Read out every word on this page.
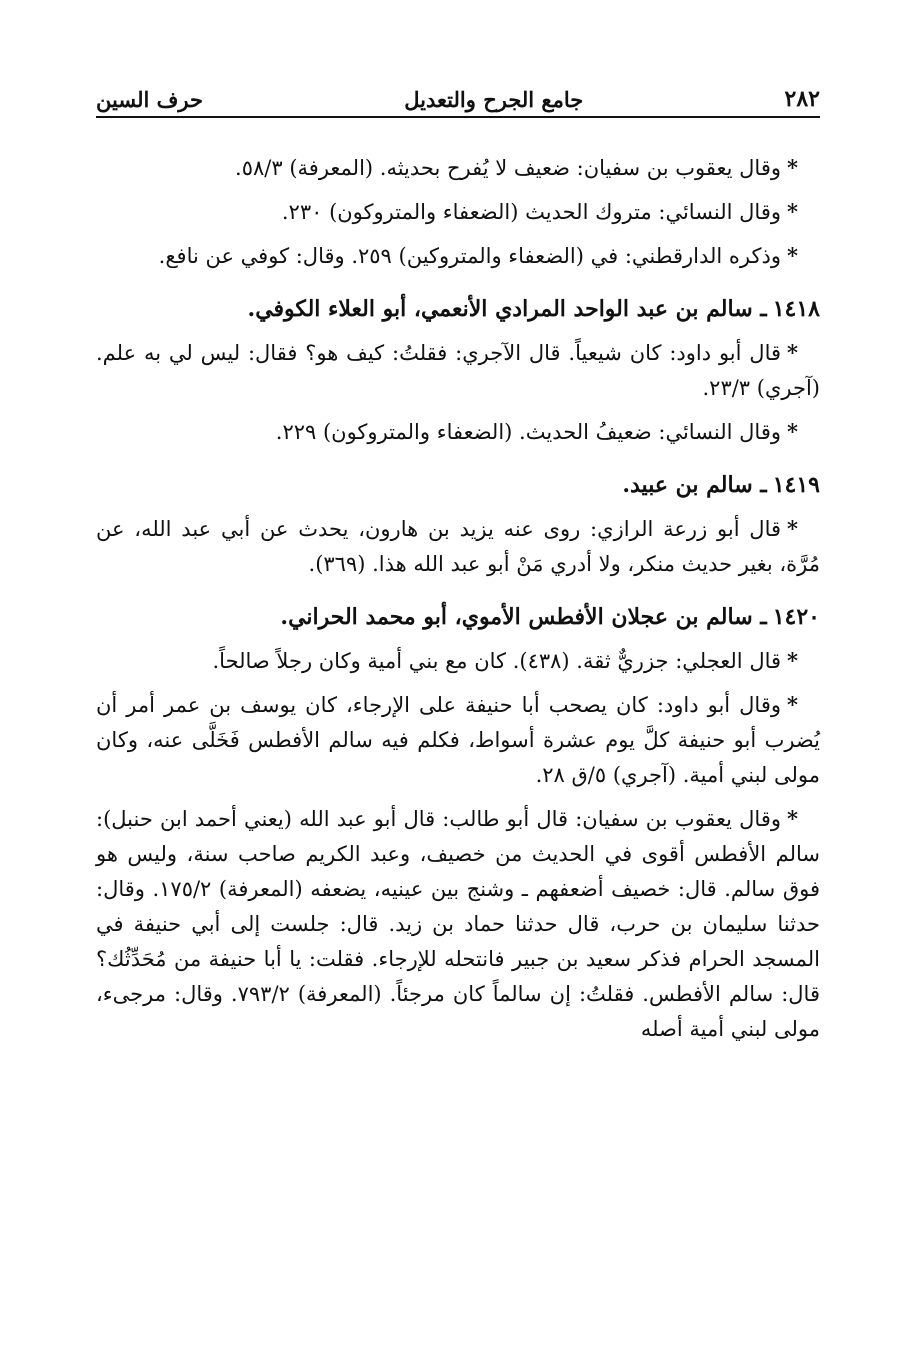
٢٨٢
جامع الجرح والتعديل
حرف السين

*وقال يعقوب بن سفيان: ضعيف لا يُفرح بحديثه. (المعرفة) ٥٨/٣.

*وقال النسائي: متروك الحديث (الضعفاء والمتروكون) ٢٣٠.

*وذكره الدارقطني: في (الضعفاء والمتروكين) ٢٥٩. وقال: كوفي عن نافع.

١٤١٨ـ سالم بن عبد الواحد المرادي الأنعمي، أبو العلاء الكوفي.

*قال أبو داود: كان شيعياً. قال الآجري: فقلتُ: كيف هو؟ فقال: ليس لي به علم. (آجري) ٢٣/٣.

*وقال النسائي: ضعيفُ الحديث. (الضعفاء والمتروكون) ٢٢٩.

١٤١٩ـ سالم بن عبيد.

*قال أبو زرعة الرازي: روى عنه يزيد بن هارون، يحدث عن أبي عبد الله، عن مُرَّة، بغير حديث منكر، ولا أدري مَنْ أبو عبد الله هذا. (٣٦٩).

١٤٢٠ـ سالم بن عجلان الأفطس الأموي، أبو محمد الحراني.

*قال العجلي: جزريٌّ ثقة. (٤٣٨). كان مع بني أمية وكان رجلاً صالحاً.

*وقال أبو داود: كان يصحب أبا حنيفة على الإرجاء، كان يوسف بن عمر أمر أن يُضرب أبو حنيفة كلَّ يوم عشرة أسواط، فكلم فيه سالم الأفطس فَخَلَّى عنه، وكان مولى لبني أمية. (آجري) ٥/ق ٢٨.

*وقال يعقوب بن سفيان: قال أبو طالب: قال أبو عبد الله (يعني أحمد ابن حنبل): سالم الأفطس أقوى في الحديث من خصيف، وعبد الكريم صاحب سنة، وليس هو فوق سالم. قال: خصيف أضعفهم ـ وشنج بين عينيه، يضعفه (المعرفة) ١٧٥/٢. وقال: حدثنا سليمان بن حرب، قال حدثنا حماد بن زيد. قال: جلست إلى أبي حنيفة في المسجد الحرام فذكر سعيد بن جبير فانتحله للإرجاء. فقلت: يا أبا حنيفة من مُحَدِّثُك؟ قال: سالم الأفطس. فقلتُ: إن سالماً كان مرجئاً. (المعرفة) ٧٩٣/٢. وقال: مرجىء، مولى لبني أمية أصله
